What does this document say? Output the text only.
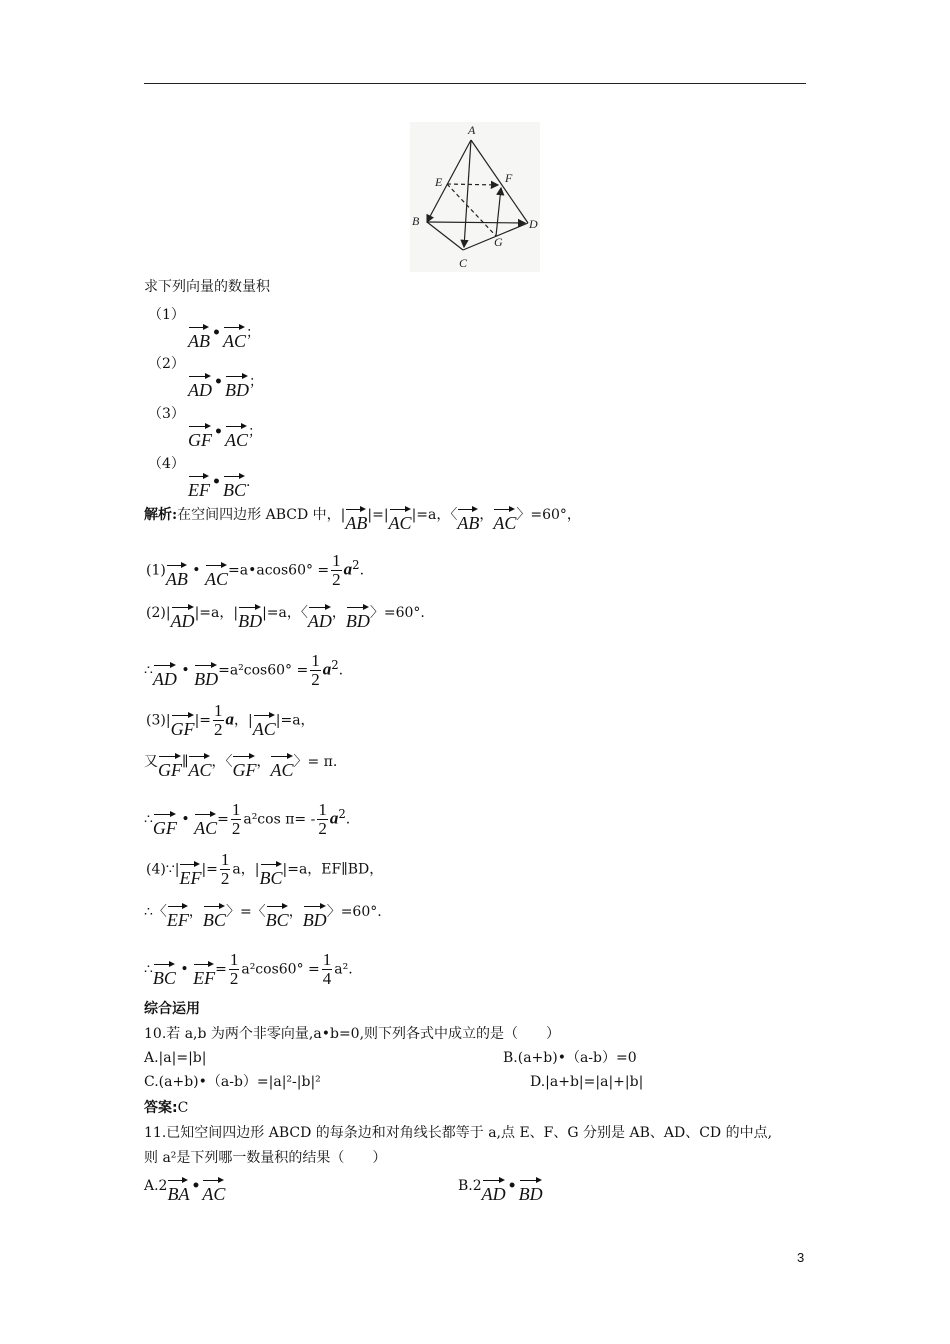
A
E	F
B	D
G
C
求下列向量的数量积
（1）
AB • AC；
（2）
AD • BD；
（3）
GF • AC；
（4）
EF • BC.
解析:在空间四边形 ABCD 中，|AB|=|AC|=a，〈AB，AC〉=60°，
(1)AB • AC=a•acos60° = $\frac{1}{2} a^2$.
(2)|AD|=a，|BD|=a，〈AD，BD〉=60°.
∴AD • $BD=a^2\cos 60^\circ = \frac{1}{2} a^2$.
$(3)|GF|= \frac{1}{2}$ a，|AC|=a，
又GF∥AC，〈GF，AC〉= π.
∴GF • $AC= \frac{1}{2} a^2\cos$ $\pi= - \frac{1}{2} a^2$.
(4)∵|EF|= $\frac{1}{2}$ a，|BC|=a，EF∥BD，
∴〈EF，BC〉=〈BC，BD〉=60°.
∴BC • $EF= \frac{1}{2} a^2\cos 60^\circ = \frac{1}{4} a^2$.
综合运用
10.若 a,b 为两个非零向量,a•b=0,则下列各式中成立的是（　　）
A.|a|=|b|	B.(a+b)•（a-b）=0
C.(a+b)•（a-b）=|a|²-|b|²	D.|a+b|=|a|+|b|
答案:C
11.已知空间四边形 ABCD 的每条边和对角线长都等于 a,点 E、F、G 分别是 AB、AD、CD 的中点,
则 a²是下列哪一数量积的结果（　　）
A.2BA • AC	B.2AD • BD
3
